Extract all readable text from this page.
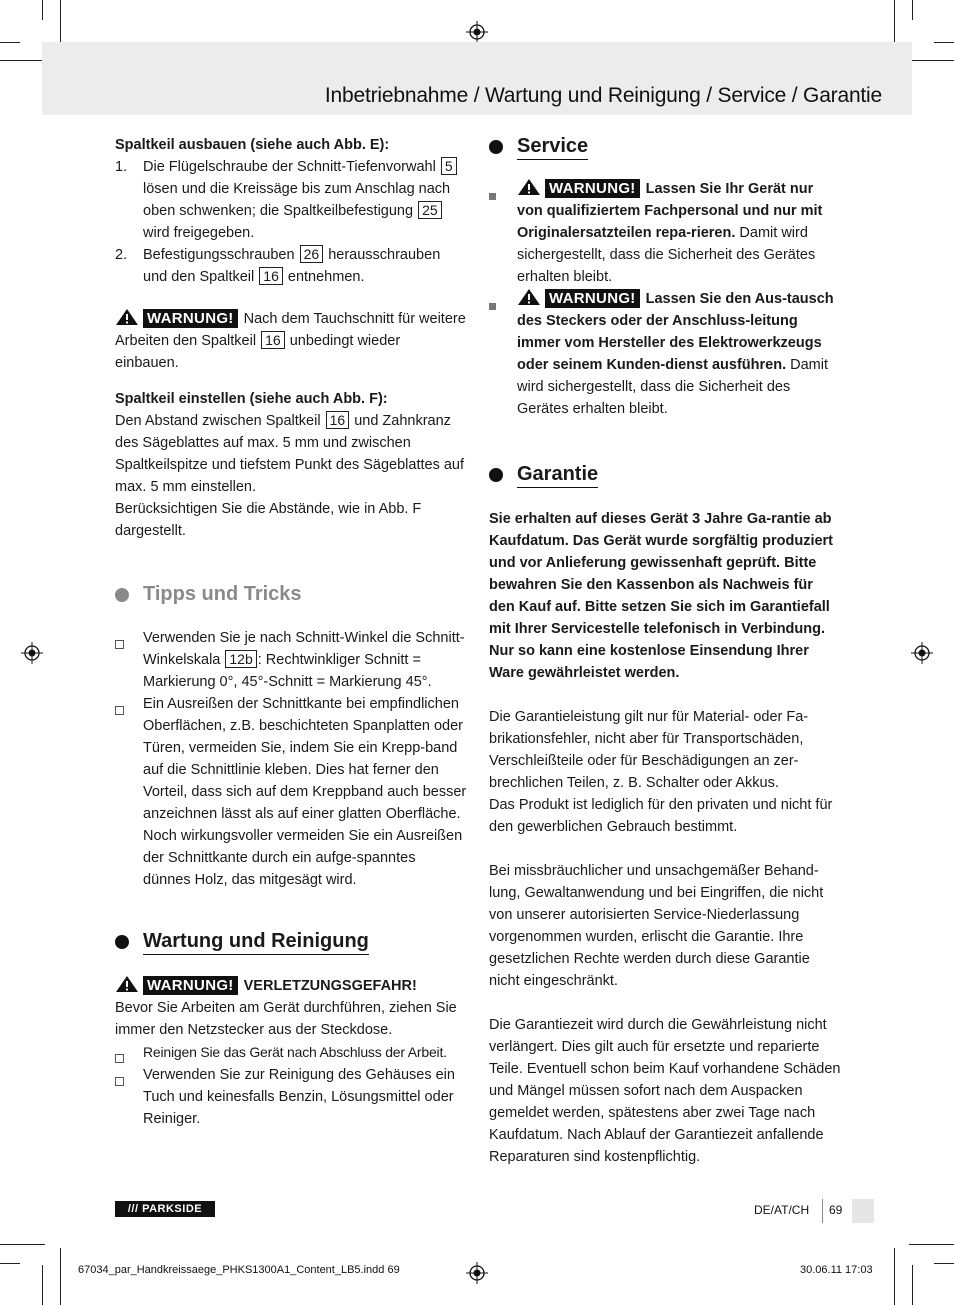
Inbetriebnahme / Wartung und Reinigung / Service / Garantie

Spaltkeil ausbauen (siehe auch Abb. E):

1. Die Flügelschraube der Schnitt-Tiefenvorwahl 5 lösen und die Kreissäge bis zum Anschlag nach oben schwenken; die Spaltkeilbefestigung 25 wird freigegeben.
2. Befestigungsschrauben 26 herausschrauben und den Spaltkeil 16 entnehmen.

WARNUNG! Nach dem Tauchschnitt für weitere Arbeiten den Spaltkeil 16 unbedingt wieder einbauen.

Spaltkeil einstellen (siehe auch Abb. F):

Den Abstand zwischen Spaltkeil 16 und Zahnkranz des Sägeblattes auf max. 5 mm und zwischen Spaltkeilspitze und tiefstem Punkt des Sägeblattes auf max. 5 mm einstellen.

Berücksichtigen Sie die Abstände, wie in Abb. F dargestellt.

Tipps und Tricks
Verwenden Sie je nach Schnitt-Winkel die Schnitt-Winkelskala 12b : Rechtwinkliger Schnitt = Markierung 0°, 45°-Schnitt = Markierung 45°.
Ein Ausreißen der Schnittkante bei empfindlichen Oberflächen, z.B. beschichteten Spanplatten oder Türen, vermeiden Sie, indem Sie ein Krepp-band auf die Schnittlinie kleben. Dies hat ferner den Vorteil, dass sich auf dem Kreppband auch besser anzeichnen lässt als auf einer glatten Oberfläche. Noch wirkungsvoller vermeiden Sie ein Ausreißen der Schnittkante durch ein aufge-spanntes dünnes Holz, das mitgesägt wird.
Wartung und Reinigung

WARNUNG! VERLETZUNGSGEFAHR!

Bevor Sie Arbeiten am Gerät durchführen, ziehen Sie immer den Netzstecker aus der Steckdose.

Reinigen Sie das Gerät nach Abschluss der Arbeit.
Verwenden Sie zur Reinigung des Gehäuses ein Tuch und keinesfalls Benzin, Lösungsmittel oder Reiniger.
Service
WARNUNG! Lassen Sie Ihr Gerät nur von qualifiziertem Fachpersonal und nur mit Originalersatzteilen repa-rieren. Damit wird sichergestellt, dass die Sicherheit des Gerätes erhalten bleibt.
WARNUNG! Lassen Sie den Aus-tausch des Steckers oder der Anschluss-leitung immer vom Hersteller des Elektrowerkzeugs oder seinem Kunden-dienst ausführen. Damit wird sichergestellt, dass die Sicherheit des Gerätes erhalten bleibt.
Garantie

Sie erhalten auf dieses Gerät 3 Jahre Ga-rantie ab Kaufdatum. Das Gerät wurde sorgfältig produziert und vor Anlieferung gewissenhaft geprüft. Bitte bewahren Sie den Kassenbon als Nachweis für den Kauf auf. Bitte setzen Sie sich im Garantiefall mit Ihrer Servicestelle telefonisch in Verbindung. Nur so kann eine kostenlose Einsendung Ihrer Ware gewährleistet werden.

Die Garantieleistung gilt nur für Material- oder Fa-brikationsfehler, nicht aber für Transportschäden, Verschleißteile oder für Beschädigungen an zer-brechlichen Teilen, z. B. Schalter oder Akkus.

Das Produkt ist lediglich für den privaten und nicht für den gewerblichen Gebrauch bestimmt.

Bei missbräuchlicher und unsachgemäßer Behand-lung, Gewaltanwendung und bei Eingriffen, die nicht von unserer autorisierten Service-Niederlassung vorgenommen wurden, erlischt die Garantie. Ihre gesetzlichen Rechte werden durch diese Garantie nicht eingeschränkt.

Die Garantiezeit wird durch die Gewährleistung nicht verlängert. Dies gilt auch für ersetzte und reparierte Teile. Eventuell schon beim Kauf vorhandene Schäden und Mängel müssen sofort nach dem Auspacken gemeldet werden, spätestens aber zwei Tage nach Kaufdatum. Nach Ablauf der Garantiezeit anfallende Reparaturen sind kostenpflichtig.

/// PARKSIDE	DE/AT/CH 69
67034_par_Handkreissaege_PHKS1300A1_Content_LB5.indd 69	30.06.11 17:03
